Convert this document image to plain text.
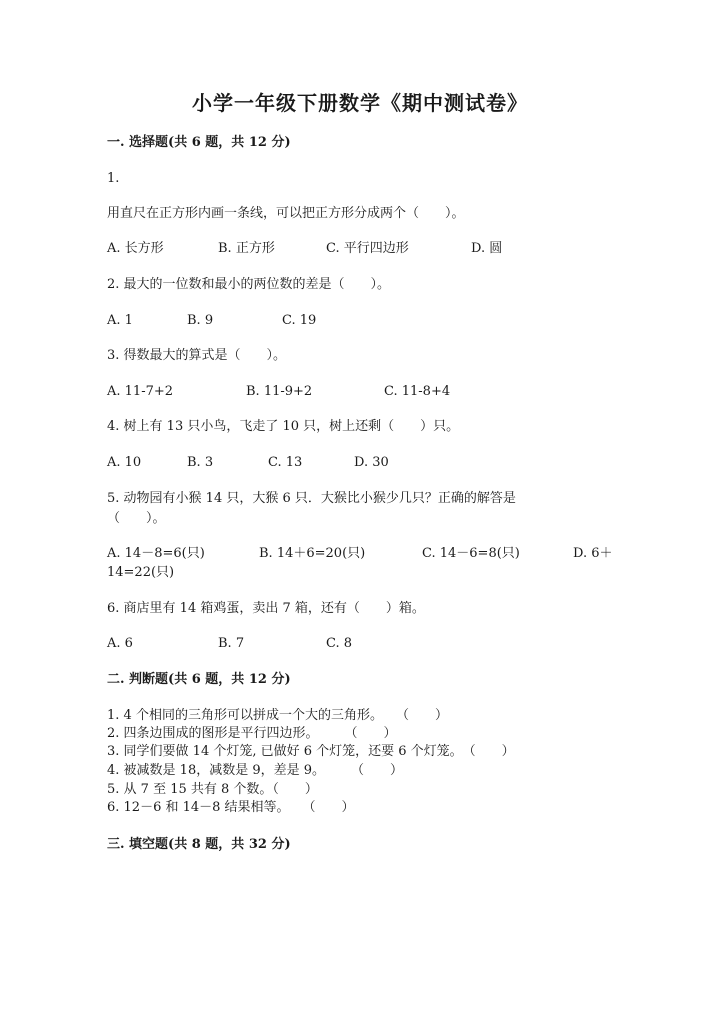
小学一年级下册数学《期中测试卷》
一. 选择题(共 6 题，共 12 分)
1.
用直尺在正方形内画一条线，可以把正方形分成两个（　　）。
A. 长方形	B. 正方形	C. 平行四边形	D. 圆
2. 最大的一位数和最小的两位数的差是（　　）。
A. 1	B. 9	C. 19
3. 得数最大的算式是（　　）。
A. 11-7+2	B. 11-9+2	C. 11-8+4
4. 树上有 13 只小鸟，飞走了 10 只，树上还剩（　　）只。
A. 10	B. 3	C. 13	D. 30
5. 动物园有小猴 14 只，大猴 6 只．大猴比小猴少几只？正确的解答是
（　　）。
A. 14－8=6(只)	B. 14＋6=20(只)	C. 14－6=8(只)	D. 6＋
14=22(只)
6. 商店里有 14 箱鸡蛋，卖出 7 箱，还有（　　）箱。
A. 6	B. 7	C. 8
二. 判断题(共 6 题，共 12 分)
1. 4 个相同的三角形可以拼成一个大的三角形。　　（　　）
2. 四条边围成的图形是平行四边形。　　　（　　）
3. 同学们要做 14 个灯笼, 已做好 6 个灯笼，还要 6 个灯笼。　（　　）
4. 被减数是 18，减数是 9，差是 9。　　　（　　）
5. 从 7 至 15 共有 8 个数。（　　）
6. 12－6 和 14－8 结果相等。　　（　　）
三. 填空题(共 8 题，共 32 分)
